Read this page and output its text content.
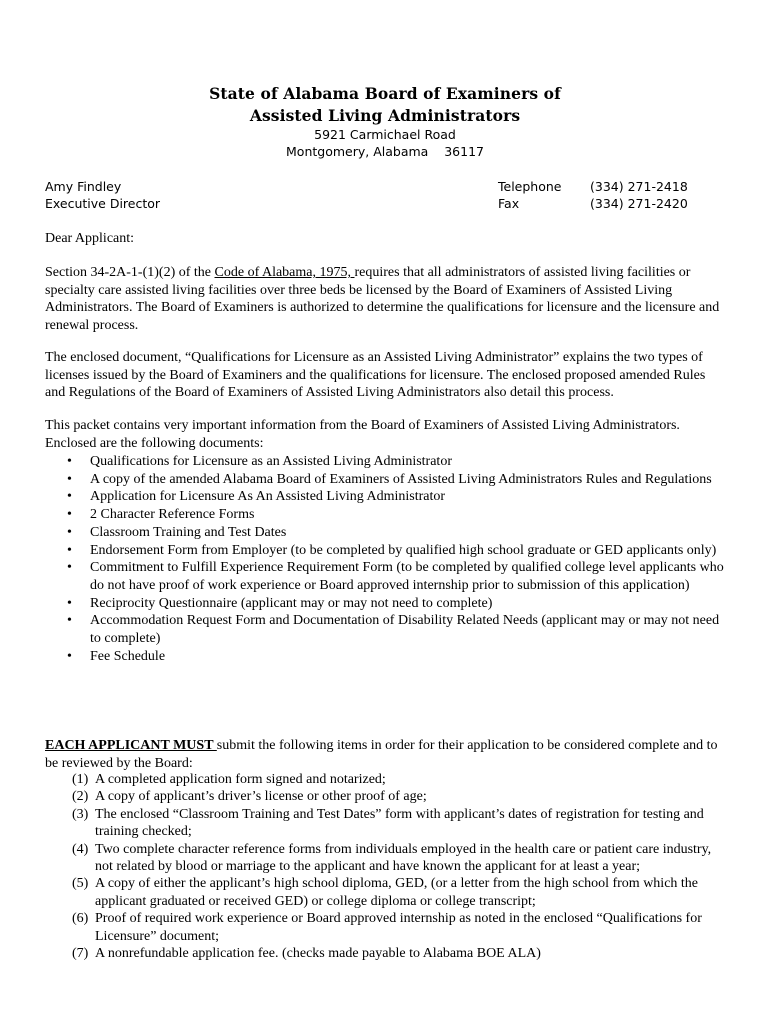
State of Alabama Board of Examiners of
Assisted Living Administrators
5921 Carmichael Road
Montgomery, Alabama    36117
Amy Findley
Executive Director
Telephone (334) 271-2418
Fax	(334) 271-2420
Dear Applicant:
Section 34-2A-1-(1)(2) of the Code of Alabama, 1975, requires that all administrators of assisted living facilities or specialty care assisted living facilities over three beds be licensed by the Board of Examiners of Assisted Living Administrators. The Board of Examiners is authorized to determine the qualifications for licensure and the licensure and renewal process.
The enclosed document, “Qualifications for Licensure as an Assisted Living Administrator” explains the two types of licenses issued by the Board of Examiners and the qualifications for licensure. The enclosed proposed amended Rules and Regulations of the Board of Examiners of Assisted Living Administrators also detail this process.
This packet contains very important information from the Board of Examiners of Assisted Living Administrators. Enclosed are the following documents:
• Qualifications for Licensure as an Assisted Living Administrator
• A copy of the amended Alabama Board of Examiners of Assisted Living Administrators Rules and Regulations
• Application for Licensure As An Assisted Living Administrator
• 2 Character Reference Forms
• Classroom Training and Test Dates
• Endorsement Form from Employer (to be completed by qualified high school graduate or GED applicants only)
• Commitment to Fulfill Experience Requirement Form (to be completed by qualified college level applicants who do not have proof of work experience or Board approved internship prior to submission of this application)
• Reciprocity Questionnaire (applicant may or may not need to complete)
• Accommodation Request Form and Documentation of Disability Related Needs (applicant may or may not need to complete)
• Fee Schedule
EACH APPLICANT MUST submit the following items in order for their application to be considered complete and to be reviewed by the Board:
(1) A completed application form signed and notarized;
(2) A copy of applicant’s driver’s license or other proof of age;
(3) The enclosed “Classroom Training and Test Dates” form with applicant’s dates of registration for testing and training checked;
(4) Two complete character reference forms from individuals employed in the health care or patient care industry, not related by blood or marriage to the applicant and have known the applicant for at least a year;
(5) A copy of either the applicant’s high school diploma, GED, (or a letter from the high school from which the applicant graduated or received GED) or college diploma or college transcript;
(6) Proof of required work experience or Board approved internship as noted in the enclosed “Qualifications for Licensure” document;
(7) A nonrefundable application fee. (checks made payable to Alabama BOE ALA)
